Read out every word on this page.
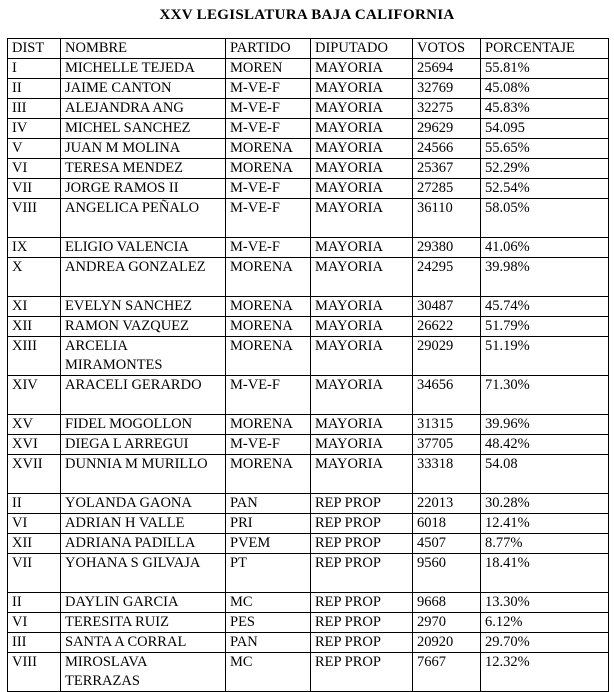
XXV LEGISLATURA BAJA CALIFORNIA
DIST	NOMBRE	PARTIDO	DIPUTADO	VOTOS	PORCENTAJE
I	MICHELLE TEJEDA	MOREN	MAYORIA	25694	55.81%
II	JAIME CANTON	M-VE-F	MAYORIA	32769	45.08%
III	ALEJANDRA ANG	M-VE-F	MAYORIA	32275	45.83%
IV	MICHEL SANCHEZ	M-VE-F	MAYORIA	29629	54.095
V	JUAN M MOLINA	MORENA	MAYORIA	24566	55.65%
VI	TERESA MENDEZ	MORENA	MAYORIA	25367	52.29%
VII	JORGE RAMOS II	M-VE-F	MAYORIA	27285	52.54%
VIII	ANGELICA PEÑALO	M-VE-F	MAYORIA	36110	58.05%
IX	ELIGIO VALENCIA	M-VE-F	MAYORIA	29380	41.06%
X	ANDREA GONZALEZ	MORENA	MAYORIA	24295	39.98%
XI	EVELYN SANCHEZ	MORENA	MAYORIA	30487	45.74%
XII	RAMON VAZQUEZ	MORENA	MAYORIA	26622	51.79%
XIII	ARCELIA MIRAMONTES	MORENA	MAYORIA	29029	51.19%
XIV	ARACELI GERARDO	M-VE-F	MAYORIA	34656	71.30%
XV	FIDEL MOGOLLON	MORENA	MAYORIA	31315	39.96%
XVI	DIEGA L ARREGUI	M-VE-F	MAYORIA	37705	48.42%
XVII	DUNNIA M MURILLO	MORENA	MAYORIA	33318	54.08
II	YOLANDA GAONA	PAN	REP PROP	22013	30.28%
VI	ADRIAN H VALLE	PRI	REP PROP	6018	12.41%
XII	ADRIANA PADILLA	PVEM	REP PROP	4507	8.77%
VII	YOHANA S GILVAJA	PT	REP PROP	9560	18.41%
II	DAYLIN GARCIA	MC	REP PROP	9668	13.30%
VI	TERESITA RUIZ	PES	REP PROP	2970	6.12%
III	SANTA A CORRAL	PAN	REP PROP	20920	29.70%
VIII	MIROSLAVA TERRAZAS	MC	REP PROP	7667	12.32%
